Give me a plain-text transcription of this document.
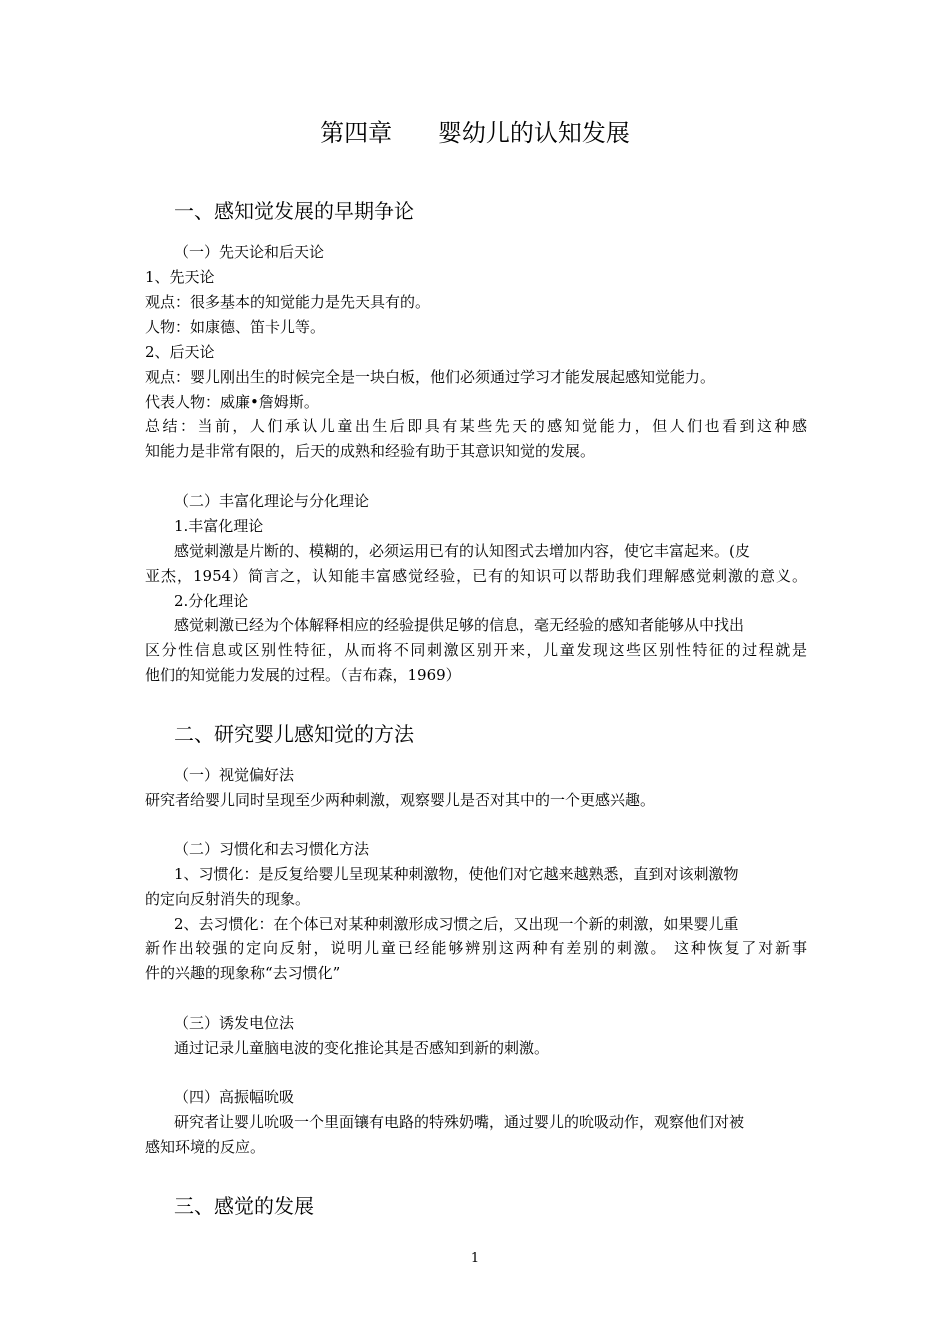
第四章      婴幼儿的认知发展
一、感知觉发展的早期争论
（一）先天论和后天论
1、先天论
观点：很多基本的知觉能力是先天具有的。
人物：如康德、笛卡儿等。
2、后天论
观点：婴儿刚出生的时候完全是一块白板，他们必须通过学习才能发展起感知觉能力。
代表人物：威廉•詹姆斯。
总结：当前，人们承认儿童出生后即具有某些先天的感知觉能力，但人们也看到这种感
知能力是非常有限的，后天的成熟和经验有助于其意识知觉的发展。
（二）丰富化理论与分化理论
1.丰富化理论
感觉刺激是片断的、模糊的，必须运用已有的认知图式去增加内容，使它丰富起来。(皮
亚杰，1954）简言之，认知能丰富感觉经验，已有的知识可以帮助我们理解感觉刺激的意义。
2.分化理论
感觉刺激已经为个体解释相应的经验提供足够的信息，毫无经验的感知者能够从中找出
区分性信息或区别性特征，从而将不同刺激区别开来，儿童发现这些区别性特征的过程就是
他们的知觉能力发展的过程。（吉布森，1969）
二、研究婴儿感知觉的方法
（一）视觉偏好法
研究者给婴儿同时呈现至少两种刺激，观察婴儿是否对其中的一个更感兴趣。
（二）习惯化和去习惯化方法
1、习惯化：是反复给婴儿呈现某种刺激物，使他们对它越来越熟悉，直到对该刺激物
的定向反射消失的现象。
2、去习惯化：在个体已对某种刺激形成习惯之后，又出现一个新的刺激，如果婴儿重
新作出较强的定向反射，说明儿童已经能够辨别这两种有差别的刺激。 这种恢复了对新事
件的兴趣的现象称“去习惯化”
（三）诱发电位法
通过记录儿童脑电波的变化推论其是否感知到新的刺激。
（四）高振幅吮吸
研究者让婴儿吮吸一个里面镶有电路的特殊奶嘴，通过婴儿的吮吸动作，观察他们对被
感知环境的反应。
三、感觉的发展
1
